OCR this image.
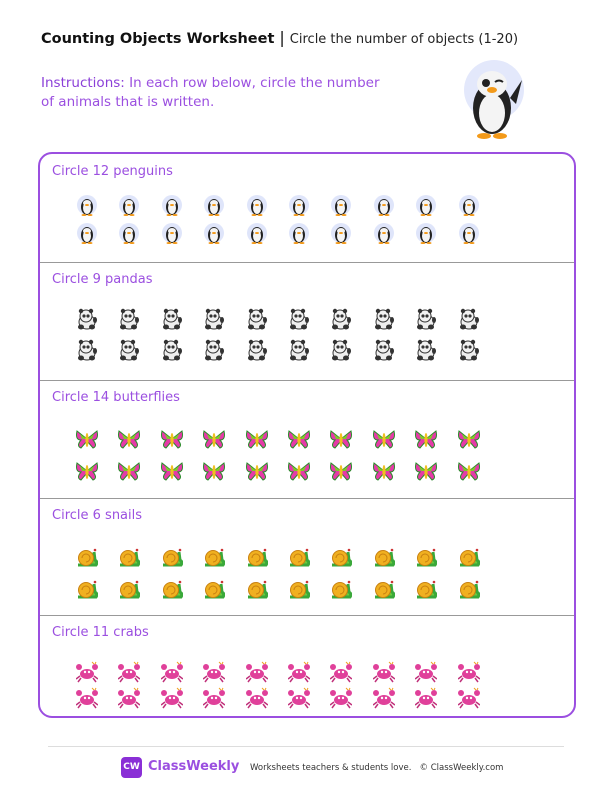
Counting Objects Worksheet | Circle the number of objects (1-20)
Instructions: In each row below, circle the number of animals that is written.
Circle 12 penguins
Circle 9 pandas
Circle 14 butterflies
Circle 6 snails
Circle 11 crabs
CW ClassWeekly Worksheets teachers & students love. © ClassWeekly.com
